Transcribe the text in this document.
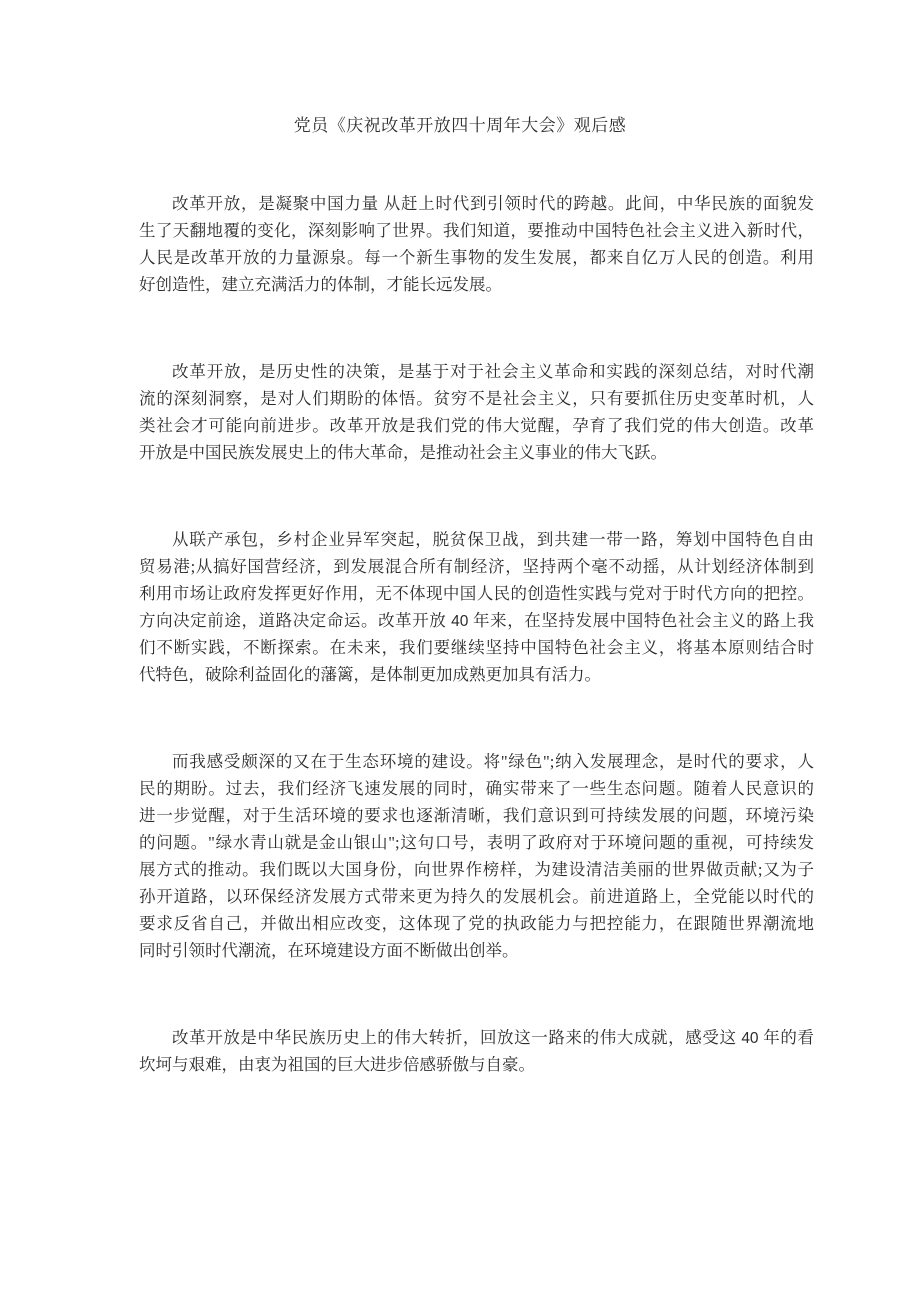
党员《庆祝改革开放四十周年大会》观后感
改革开放，是凝聚中国力量 从赶上时代到引领时代的跨越。此间，中华民族的面貌发
生了天翻地覆的变化，深刻影响了世界。我们知道，要推动中国特色社会主义进入新时代，
人民是改革开放的力量源泉。每一个新生事物的发生发展，都来自亿万人民的创造。利用
好创造性，建立充满活力的体制，才能长远发展。
改革开放，是历史性的决策，是基于对于社会主义革命和实践的深刻总结，对时代潮
流的深刻洞察，是对人们期盼的体悟。贫穷不是社会主义，只有要抓住历史变革时机，人
类社会才可能向前进步。改革开放是我们党的伟大觉醒，孕育了我们党的伟大创造。改革
开放是中国民族发展史上的伟大革命，是推动社会主义事业的伟大飞跃。
从联产承包，乡村企业异军突起，脱贫保卫战，到共建一带一路，筹划中国特色自由
贸易港;从搞好国营经济，到发展混合所有制经济，坚持两个毫不动摇，从计划经济体制到
利用市场让政府发挥更好作用，无不体现中国人民的创造性实践与党对于时代方向的把控。
方向决定前途，道路决定命运。改革开放 40 年来，在坚持发展中国特色社会主义的路上我
们不断实践，不断探索。在未来，我们要继续坚持中国特色社会主义，将基本原则结合时
代特色，破除利益固化的藩篱，是体制更加成熟更加具有活力。
而我感受颇深的又在于生态环境的建设。将"绿色";纳入发展理念，是时代的要求，人
民的期盼。过去，我们经济飞速发展的同时，确实带来了一些生态问题。随着人民意识的
进一步觉醒，对于生活环境的要求也逐渐清晰，我们意识到可持续发展的问题，环境污染
的问题。"绿水青山就是金山银山";这句口号，表明了政府对于环境问题的重视，可持续发
展方式的推动。我们既以大国身份，向世界作榜样，为建设清洁美丽的世界做贡献;又为子
孙开道路，以环保经济发展方式带来更为持久的发展机会。前进道路上，全党能以时代的
要求反省自己，并做出相应改变，这体现了党的执政能力与把控能力，在跟随世界潮流地
同时引领时代潮流，在环境建设方面不断做出创举。
改革开放是中华民族历史上的伟大转折，回放这一路来的伟大成就，感受这 40 年的看
坎坷与艰难，由衷为祖国的巨大进步倍感骄傲与自豪。
